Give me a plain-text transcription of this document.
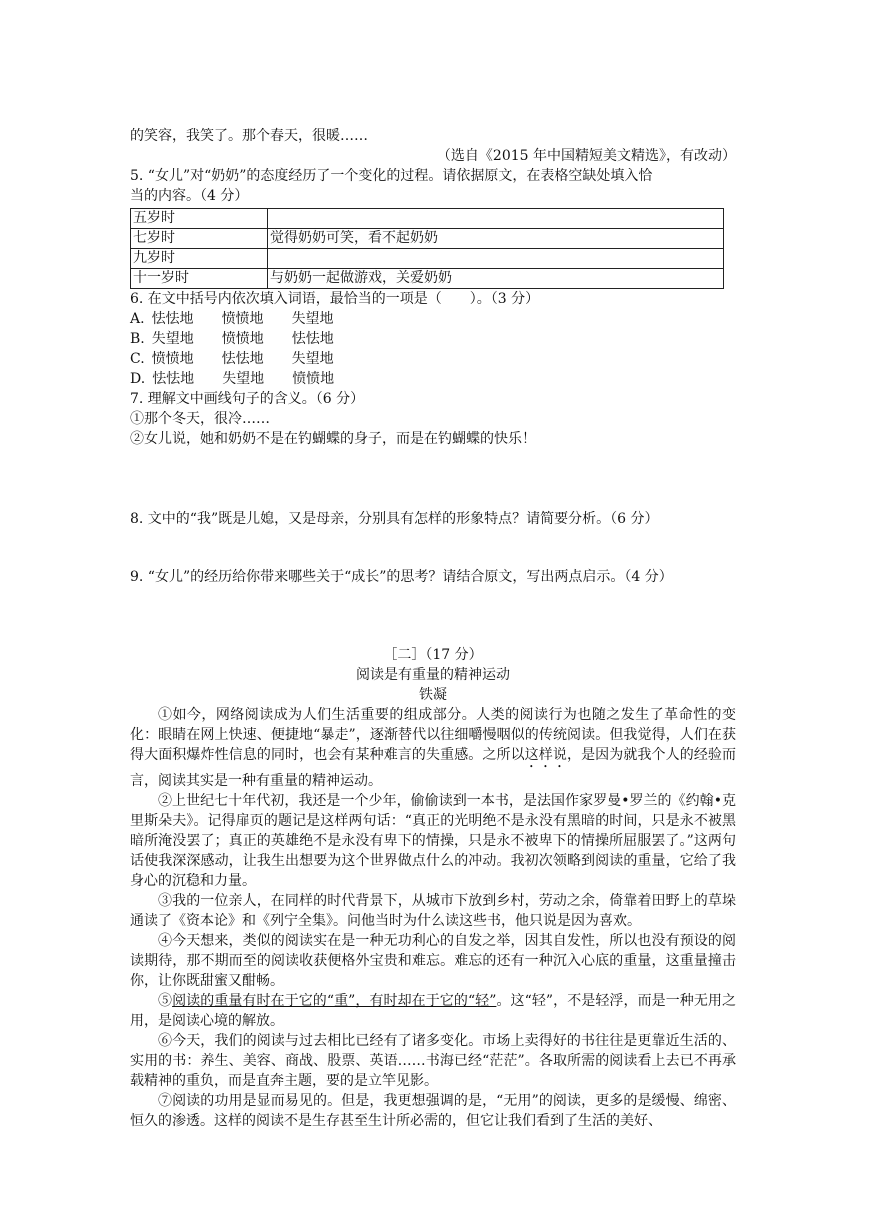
的笑容，我笑了。那个春天，很暖……
（选自《2015 年中国精短美文精选》，有改动）
5. “女儿”对“奶奶”的态度经历了一个变化的过程。请依据原文，在表格空缺处填入恰
当的内容。（4 分）
五岁时	
七岁时	觉得奶奶可笑，看不起奶奶
九岁时	
十一岁时	与奶奶一起做游戏，关爱奶奶
6. 在文中括号内依次填入词语，最恰当的一项是（　　）。（3 分）
A.  怯怯地   愤愤地   失望地
B.  失望地   愤愤地   怯怯地
C.  愤愤地   怯怯地   失望地
D.  怯怯地   失望地   愤愤地
7. 理解文中画线句子的含义。（6 分）
①那个冬天，很冷……
②女儿说，她和奶奶不是在钓蝴蝶的身子，而是在钓蝴蝶的快乐！
8. 文中的“我”既是儿媳，又是母亲，分别具有怎样的形象特点？请简要分析。（6 分）
9. “女儿”的经历给你带来哪些关于“成长”的思考？请结合原文，写出两点启示。（4 分）
［二］（17 分）
阅读是有重量的精神运动
铁凝
①如今，网络阅读成为人们生活重要的组成部分。人类的阅读行为也随之发生了革命性的变化：眼睛在网上快速、便捷地“暴走”，逐渐替代以往细嚼慢咽似的传统阅读。但我觉得，人们在获得大面积爆炸性信息的同时，也会有某种难言的失重感。之所以这样说，是因为就我个人的经验而言，阅读其实是一种有重量的精神运动。
②上世纪七十年代初，我还是一个少年，偷偷读到一本书，是法国作家罗曼•罗兰的《约翰•克里斯朵夫》。记得扉页的题记是这样两句话：“真正的光明绝不是永没有黑暗的时间，只是永不被黑暗所淹没罢了；真正的英雄绝不是永没有卑下的情操，只是永不被卑下的情操所屈服罢了。”这两句话使我深深感动，让我生出想要为这个世界做点什么的冲动。我初次领略到阅读的重量，它给了我身心的沉稳和力量。
③我的一位亲人，在同样的时代背景下，从城市下放到乡村，劳动之余，倚靠着田野上的草垛通读了《资本论》和《列宁全集》。问他当时为什么读这些书，他只说是因为喜欢。
④今天想来，类似的阅读实在是一种无功利心的自发之举，因其自发性，所以也没有预设的阅读期待，那不期而至的阅读收获便格外宝贵和难忘。难忘的还有一种沉入心底的重量，这重量撞击你，让你既甜蜜又酣畅。
⑤阅读的重量有时在于它的“重”，有时却在于它的“轻”。这“轻”，不是轻浮，而是一种无用之用，是阅读心境的解放。
⑥今天，我们的阅读与过去相比已经有了诸多变化。市场上卖得好的书往往是更靠近生活的、实用的书：养生、美容、商战、股票、英语……书海已经“茫茫”。各取所需的阅读看上去已不再承载精神的重负，而是直奔主题，要的是立竿见影。
⑦阅读的功用是显而易见的。但是，我更想强调的是，“无用”的阅读，更多的是缓慢、绵密、恒久的渗透。这样的阅读不是生存甚至生计所必需的，但它让我们看到了生活的美好、
